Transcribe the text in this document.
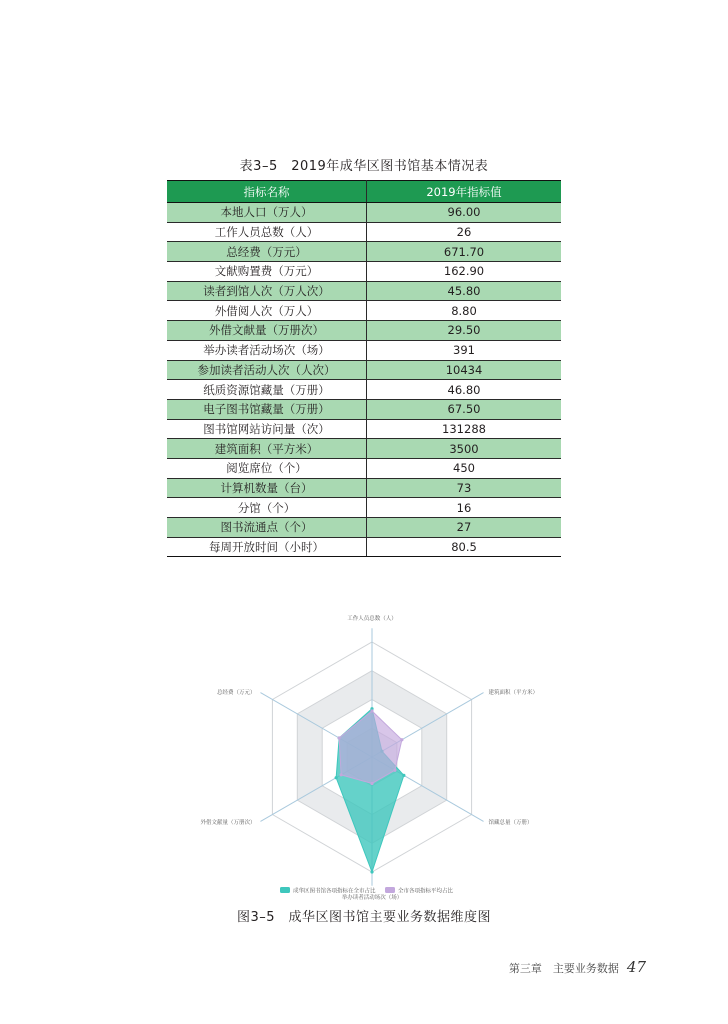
表3–5　2019年成华区图书馆基本情况表
指标名称	2019年指标值
本地人口（万人）	96.00
工作人员总数（人）	26
总经费（万元）	671.70
文献购置费（万元）	162.90
读者到馆人次（万人次）	45.80
外借阅人次（万人）	8.80
外借文献量（万册次）	29.50
举办读者活动场次（场）	391
参加读者活动人次（人次）	10434
纸质资源馆藏量（万册）	46.80
电子图书馆藏量（万册）	67.50
图书馆网站访问量（次）	131288
建筑面积（平方米）	3500
阅览席位（个）	450
计算机数量（台）	73
分馆（个）	16
图书流通点（个）	27
每周开放时间（小时）	80.5
工作人员总数（人）
建筑面积（平方米）
馆藏总量（万册）
举办读者活动场次（场）
外借文献量（万册次）
总经费（万元）
成华区图书馆各项指标在全市占比	全市各项指标平均占比
图3–5　成华区图书馆主要业务数据维度图
第三章　主要业务数据 47
